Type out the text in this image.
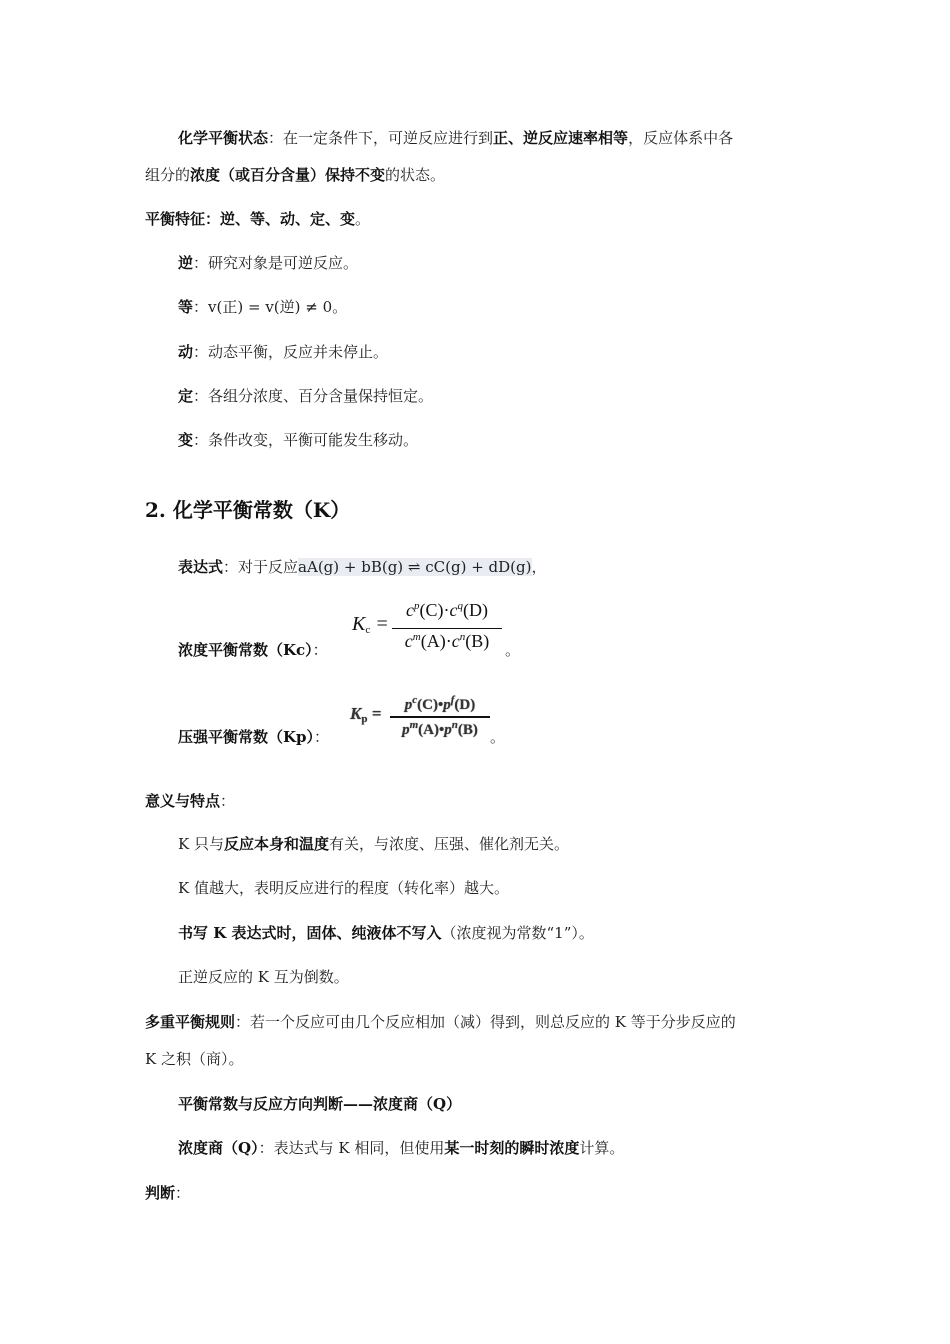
化学平衡状态：在一定条件下，可逆反应进行到正、逆反应速率相等，反应体系中各
组分的浓度（或百分含量）保持不变的状态。
平衡特征：逆、等、动、定、变。
逆：研究对象是可逆反应。
等：v(正) = v(逆) ≠ 0。
动：动态平衡，反应并未停止。
定：各组分浓度、百分含量保持恒定。
变：条件改变，平衡可能发生移动。
2. 化学平衡常数（K）
表达式：对于反应aA(g) + bB(g) ⇌ cC(g) + dD(g)，
浓度平衡常数（Kc）：
$K_c$ =
$c^p(C)\cdot c^q(D)$
$c^m(A)\cdot c^n(B)$	。
压强平衡常数（Kp）：
$K_p$ =	$p^c(C)•p^f(D)$
$p^m(A)•p^n(B)$ 。
意义与特点：
K 只与反应本身和温度有关，与浓度、压强、催化剂无关。
K 值越大，表明反应进行的程度（转化率）越大。
书写 K 表达式时，固体、纯液体不写入（浓度视为常数“1”）。
正逆反应的 K 互为倒数。
多重平衡规则：若一个反应可由几个反应相加（减）得到，则总反应的 K 等于分步反应的
K 之积（商）。
平衡常数与反应方向判断——浓度商（Q）
浓度商（Q）：表达式与 K 相同，但使用某一时刻的瞬时浓度计算。
判断：
